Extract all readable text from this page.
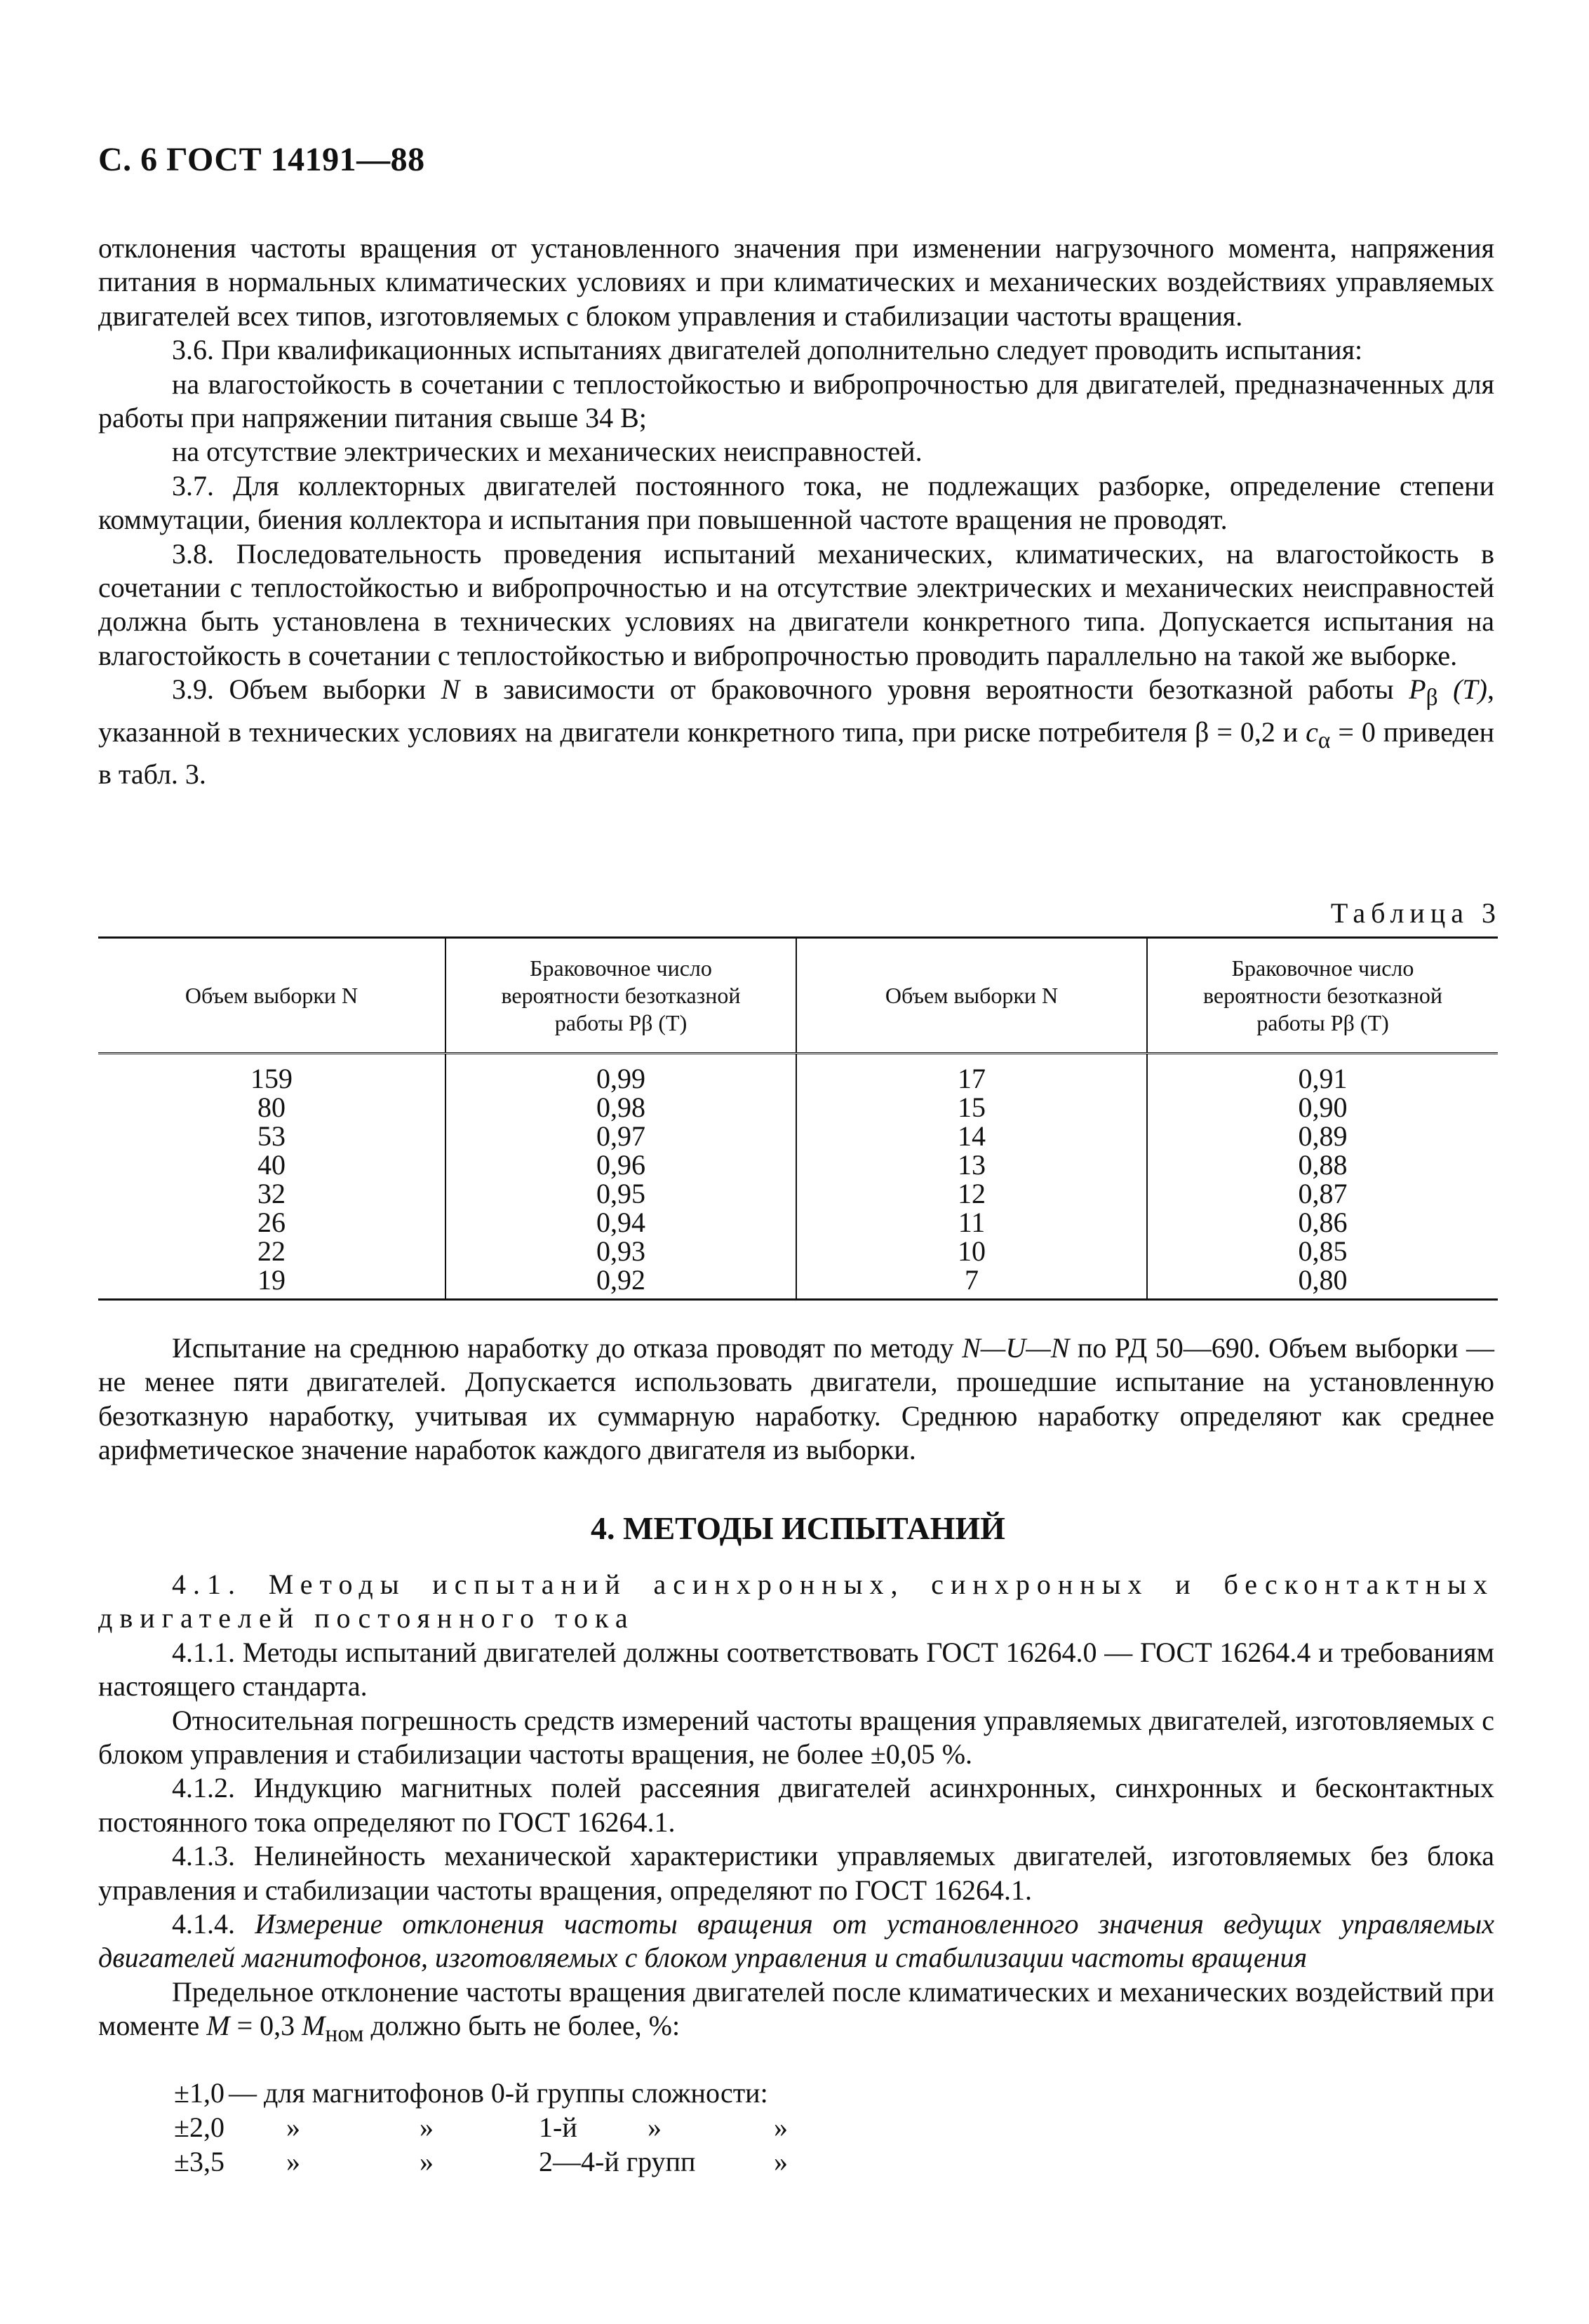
С. 6 ГОСТ 14191—88

отклонения частоты вращения от установленного значения при изменении нагрузочного момента, напряжения питания в нормальных климатических условиях и при климатических и механических воздействиях управляемых двигателей всех типов, изготовляемых с блоком управления и стабилизации частоты вращения.

3.6. При квалификационных испытаниях двигателей дополнительно следует проводить испытания:

на влагостойкость в сочетании с теплостойкостью и вибропрочностью для двигателей, предназначенных для работы при напряжении питания свыше 34 В;

на отсутствие электрических и механических неисправностей.

3.7. Для коллекторных двигателей постоянного тока, не подлежащих разборке, определение степени коммутации, биения коллектора и испытания при повышенной частоте вращения не проводят.

3.8. Последовательность проведения испытаний механических, климатических, на влагостойкость в сочетании с теплостойкостью и вибропрочностью и на отсутствие электрических и механических неисправностей должна быть установлена в технических условиях на двигатели конкретного типа. Допускается испытания на влагостойкость в сочетании с теплостойкостью и вибропрочностью проводить параллельно на такой же выборке.

3.9. Объем выборки N в зависимости от браковочного уровня вероятности безотказной работы $P_\beta$ (T), указанной в технических условиях на двигатели конкретного типа, при риске потребителя β = 0,2 и $c_\alpha = 0$ приведен в табл. 3.

Таблица 3
Объем выборки N	Браковочное число
вероятности безотказной
работы Pβ (T)	Объем выборки N	Браковочное число
вероятности безотказной
работы Pβ (T)
159	0,99	17	0,91
80	0,98	15	0,90
53	0,97	14	0,89
40	0,96	13	0,88
32	0,95	12	0,87
26	0,94	11	0,86
22	0,93	10	0,85
19	0,92	7	0,80

Испытание на среднюю наработку до отказа проводят по методу N—U—N по РД 50—690. Объем выборки — не менее пяти двигателей. Допускается использовать двигатели, прошедшие испытание на установленную безотказную наработку, учитывая их суммарную наработку. Среднюю наработку определяют как среднее арифметическое значение наработок каждого двигателя из выборки.

4. МЕТОДЫ ИСПЫТАНИЙ

4.1. Методы испытаний асинхронных, синхронных и бесконтактных двигателей постоянного тока

4.1.1. Методы испытаний двигателей должны соответствовать ГОСТ 16264.0 — ГОСТ 16264.4 и требованиям настоящего стандарта.

Относительная погрешность средств измерений частоты вращения управляемых двигателей, изготовляемых с блоком управления и стабилизации частоты вращения, не более ±0,05 %.

4.1.2. Индукцию магнитных полей рассеяния двигателей асинхронных, синхронных и бесконтактных постоянного тока определяют по ГОСТ 16264.1.

4.1.3. Нелинейность механической характеристики управляемых двигателей, изготовляемых без блока управления и стабилизации частоты вращения, определяют по ГОСТ 16264.1.

4.1.4. Измерение отклонения частоты вращения от установленного значения ведущих управляемых двигателей магнитофонов, изготовляемых с блоком управления и стабилизации частоты вращения

Предельное отклонение частоты вращения двигателей после климатических и механических воздействий при моменте M = 0,3 $M_{ном}$ должно быть не более, %:

±1,0 — для магнитофонов 0-й группы сложности:
±2,0 »	»	1-й	»	»
±3,5 »	»	2—4-й групп	»
